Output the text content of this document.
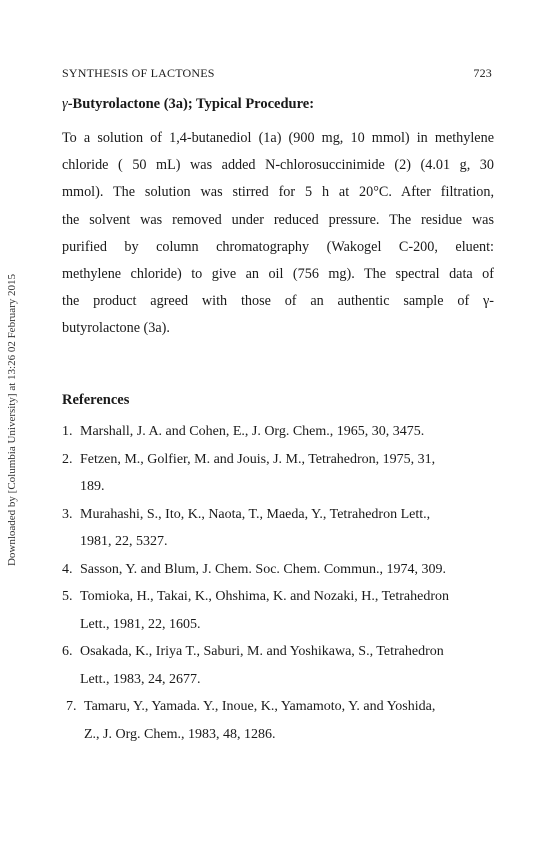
Downloaded by [Columbia University] at 13:26 02 February 2015
SYNTHESIS OF LACTONES	723
γ-Butyrolactone (3a); Typical Procedure:
To a solution of 1,4-butanediol (1a) (900 mg, 10 mmol) in methylene
chloride ( 50 mL) was added N-chlorosuccinimide (2) (4.01 g, 30
mmol). The solution was stirred for 5 h at 20°C. After filtration,
the solvent was removed under reduced pressure. The residue was
purified by column chromatography (Wakogel C-200, eluent:
methylene chloride) to give an oil (756 mg). The spectral data of
the product agreed with those of an authentic sample of γ-
butyrolactone (3a).
References
1. Marshall, J. A. and Cohen, E., J. Org. Chem., 1965, 30, 3475.
2. Fetzen, M., Golfier, M. and Jouis, J. M., Tetrahedron, 1975, 31,
189.
3. Murahashi, S., Ito, K., Naota, T., Maeda, Y., Tetrahedron Lett.,
1981, 22, 5327.
4. Sasson, Y. and Blum, J. Chem. Soc. Chem. Commun., 1974, 309.
5. Tomioka, H., Takai, K., Ohshima, K. and Nozaki, H., Tetrahedron
Lett., 1981, 22, 1605.
6. Osakada, K., Iriya T., Saburi, M. and Yoshikawa, S., Tetrahedron
Lett., 1983, 24, 2677.
7. Tamaru, Y., Yamada. Y., Inoue, K., Yamamoto, Y. and Yoshida,
Z., J. Org. Chem., 1983, 48, 1286.
